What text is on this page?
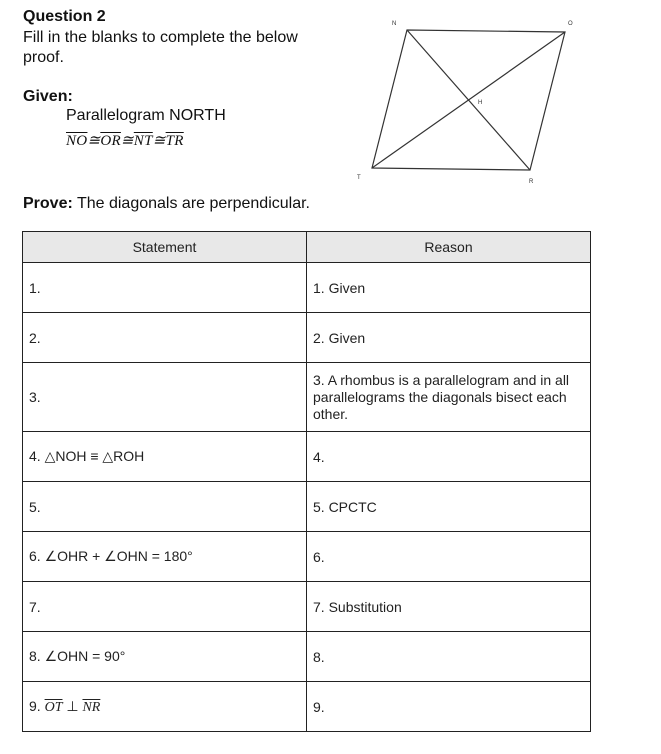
Question 2
Fill in the blanks to complete the below proof.
Given:
Parallelogram NORTH
$\overline{NO}≅\overline{OR}≅\overline{NT}≅\overline{TR}$
Prove: The diagonals are perpendicular.
N	O
H
T
R
Statement	Reason
1.	1. Given
2.	2. Given
3.	3. A rhombus is a parallelogram and in all parallelograms the diagonals bisect each other.
4. △NOH ≡ △ROH	4.
5.	5. CPCTC
6. ∠OHR + ∠OHN = 180°	6.
7.	7. Substitution
8. ∠OHN = 90°	8.
9. $\overline{OT}$ ⊥ $\overline{NR}$	9.
